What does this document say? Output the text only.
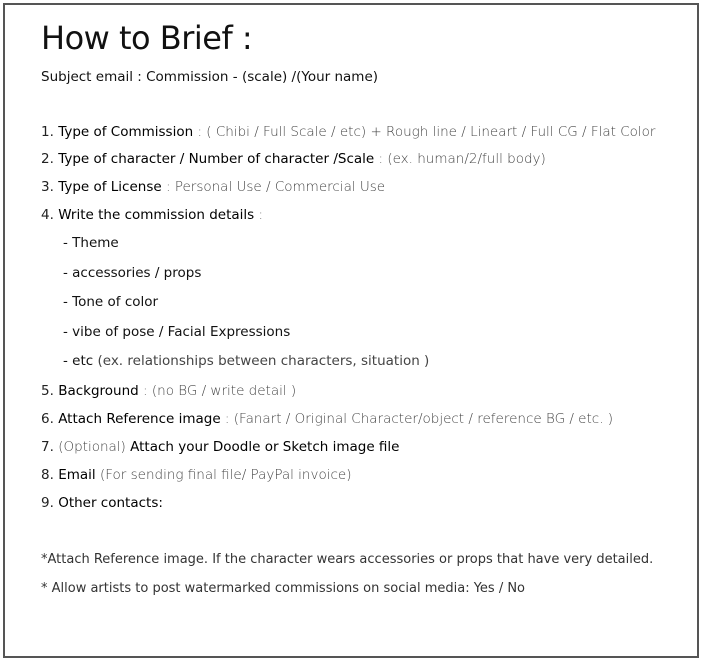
How to Brief :
Subject email : Commission - (scale) /(Your name)
1. Type of Commission : ( Chibi / Full Scale / etc) + Rough line / Lineart / Full CG / Flat Color
2. Type of character / Number of character /Scale : (ex. human/2/full body)
3. Type of License : Personal Use / Commercial Use
4. Write the commission details :
- Theme
- accessories / props
- Tone of color
- vibe of pose / Facial Expressions
- etc (ex. relationships between characters, situation )
5. Background : (no BG / write detail )
6. Attach Reference image : (Fanart / Original Character/object / reference BG / etc. )
7. (Optional) Attach your Doodle or Sketch image file
8. Email (For sending final file/ PayPal invoice)
9. Other contacts:
*Attach Reference image. If the character wears accessories or props that have very detailed.
* Allow artists to post watermarked commissions on social media: Yes / No
